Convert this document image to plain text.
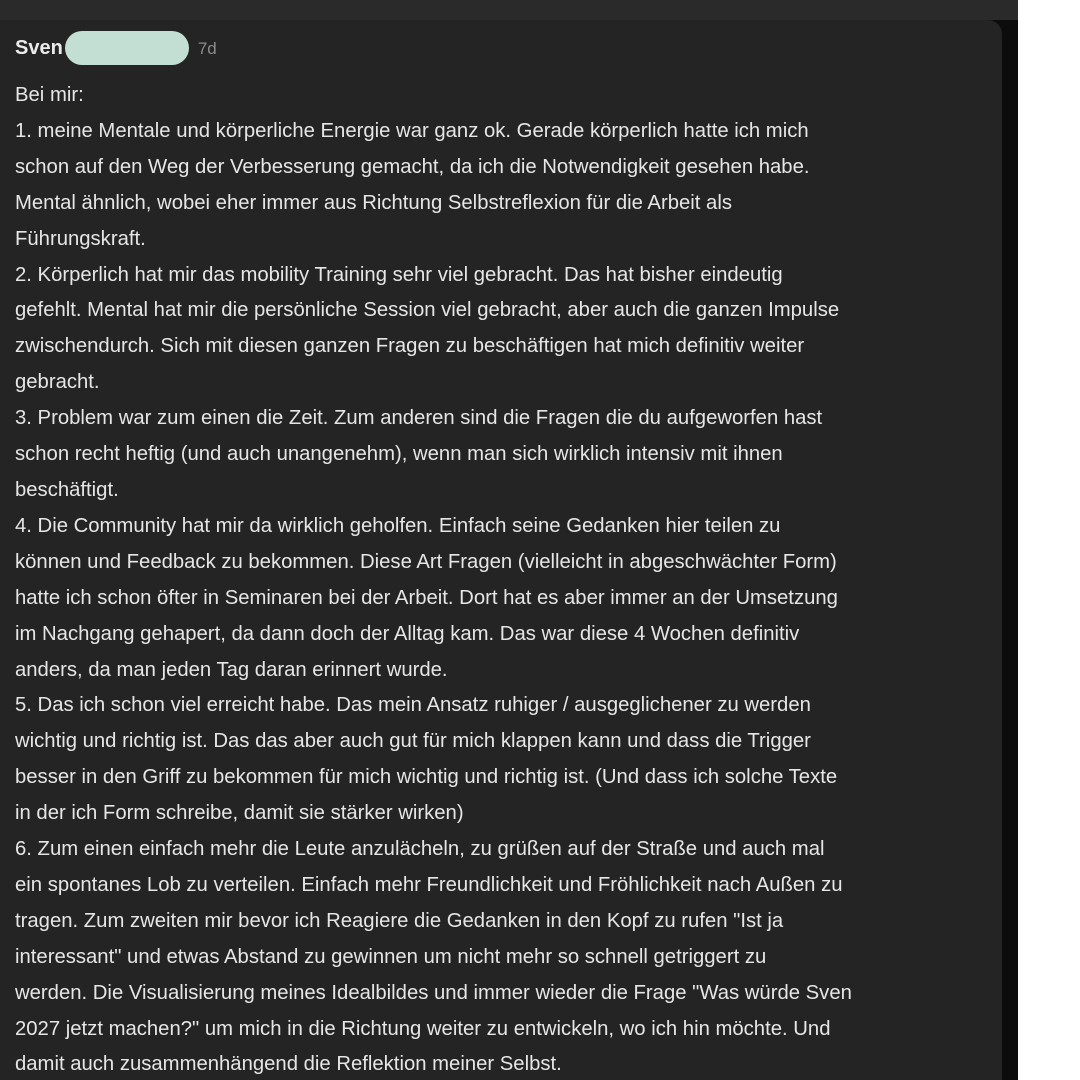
Sven	7d
Bei mir:
1. meine Mentale und körperliche Energie war ganz ok. Gerade körperlich hatte ich mich
schon auf den Weg der Verbesserung gemacht, da ich die Notwendigkeit gesehen habe.
Mental ähnlich, wobei eher immer aus Richtung Selbstreflexion für die Arbeit als
Führungskraft.
2. Körperlich hat mir das mobility Training sehr viel gebracht. Das hat bisher eindeutig
gefehlt. Mental hat mir die persönliche Session viel gebracht, aber auch die ganzen Impulse
zwischendurch. Sich mit diesen ganzen Fragen zu beschäftigen hat mich definitiv weiter
gebracht.
3. Problem war zum einen die Zeit. Zum anderen sind die Fragen die du aufgeworfen hast
schon recht heftig (und auch unangenehm), wenn man sich wirklich intensiv mit ihnen
beschäftigt.
4. Die Community hat mir da wirklich geholfen. Einfach seine Gedanken hier teilen zu
können und Feedback zu bekommen. Diese Art Fragen (vielleicht in abgeschwächter Form)
hatte ich schon öfter in Seminaren bei der Arbeit. Dort hat es aber immer an der Umsetzung
im Nachgang gehapert, da dann doch der Alltag kam. Das war diese 4 Wochen definitiv
anders, da man jeden Tag daran erinnert wurde.
5. Das ich schon viel erreicht habe. Das mein Ansatz ruhiger / ausgeglichener zu werden
wichtig und richtig ist. Das das aber auch gut für mich klappen kann und dass die Trigger
besser in den Griff zu bekommen für mich wichtig und richtig ist. (Und dass ich solche Texte
in der ich Form schreibe, damit sie stärker wirken)
6. Zum einen einfach mehr die Leute anzulächeln, zu grüßen auf der Straße und auch mal
ein spontanes Lob zu verteilen. Einfach mehr Freundlichkeit und Fröhlichkeit nach Außen zu
tragen. Zum zweiten mir bevor ich Reagiere die Gedanken in den Kopf zu rufen "Ist ja
interessant" und etwas Abstand zu gewinnen um nicht mehr so schnell getriggert zu
werden. Die Visualisierung meines Idealbildes und immer wieder die Frage "Was würde Sven
2027 jetzt machen?" um mich in die Richtung weiter zu entwickeln, wo ich hin möchte. Und
damit auch zusammenhängend die Reflektion meiner Selbst.
